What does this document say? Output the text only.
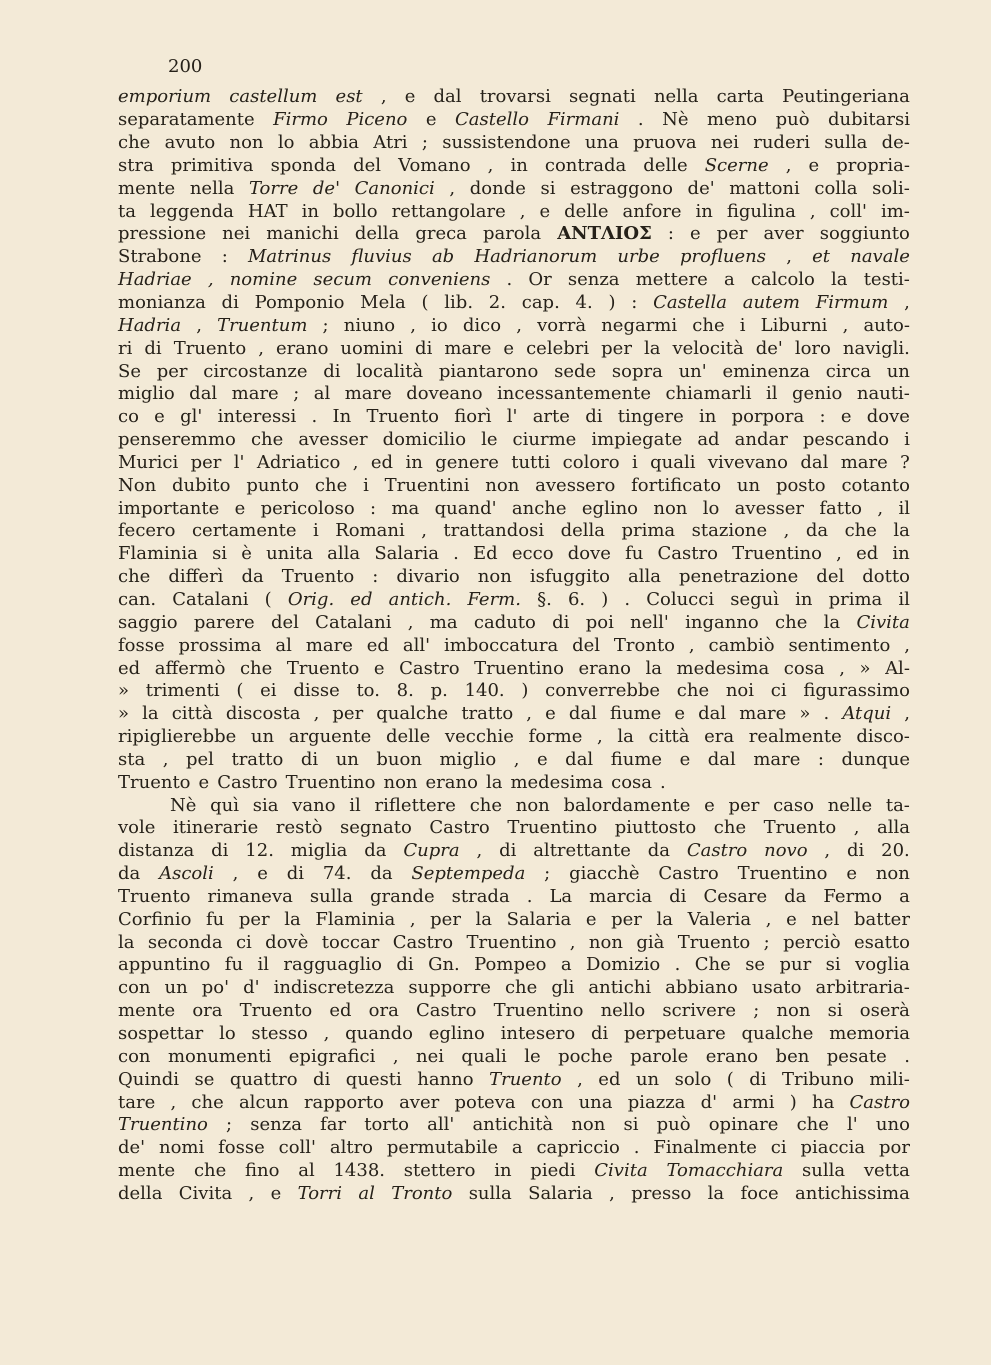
200
emporium castellum est , e dal trovarsi segnati nella carta Peutingeriana
separatamente Firmo Piceno e Castello Firmani . Nè meno può dubitarsi
che avuto non lo abbia Atri ; sussistendone una pruova nei ruderi sulla de-
stra primitiva sponda del Vomano , in contrada delle Scerne , e propria-
mente nella Torre de' Canonici , donde si estraggono de' mattoni colla soli-
ta leggenda HAT in bollo rettangolare , e delle anfore in figulina , coll' im-
pressione nei manichi della greca parola ΑΝΤΛΙΟΣ : e per aver soggiunto
Strabone : Matrinus fluvius ab Hadrianorum urbe profluens , et navale
Hadriae , nomine secum conveniens . Or senza mettere a calcolo la testi-
monianza di Pomponio Mela ( lib. 2. cap. 4. ) : Castella autem Firmum ,
Hadria , Truentum ; niuno , io dico , vorrà negarmi che i Liburni , auto-
ri di Truento , erano uomini di mare e celebri per la velocità de' loro navigli.
Se per circostanze di località piantarono sede sopra un' eminenza circa un
miglio dal mare ; al mare doveano incessantemente chiamarli il genio nauti-
co e gl' interessi . In Truento fiorì l' arte di tingere in porpora : e dove
penseremmo che avesser domicilio le ciurme impiegate ad andar pescando i
Murici per l' Adriatico , ed in genere tutti coloro i quali vivevano dal mare ?
Non dubito punto che i Truentini non avessero fortificato un posto cotanto
importante e pericoloso : ma quand' anche eglino non lo avesser fatto , il
fecero certamente i Romani , trattandosi della prima stazione , da che la
Flaminia si è unita alla Salaria . Ed ecco dove fu Castro Truentino , ed in
che differì da Truento : divario non isfuggito alla penetrazione del dotto
can. Catalani ( Orig. ed antich. Ferm. §. 6. ) . Colucci seguì in prima il
saggio parere del Catalani , ma caduto di poi nell' inganno che la Civita
fosse prossima al mare ed all' imboccatura del Tronto , cambiò sentimento ,
ed affermò che Truento e Castro Truentino erano la medesima cosa , » Al-
» trimenti ( ei disse to. 8. p. 140. ) converrebbe che noi ci figurassimo
» la città discosta , per qualche tratto , e dal fiume e dal mare » . Atqui ,
ripiglierebbe un arguente delle vecchie forme , la città era realmente disco-
sta , pel tratto di un buon miglio , e dal fiume e dal mare : dunque
Truento e Castro Truentino non erano la medesima cosa .
Nè quì sia vano il riflettere che non balordamente e per caso nelle ta-
vole itinerarie restò segnato Castro Truentino piuttosto che Truento , alla
distanza di 12. miglia da Cupra , di altrettante da Castro novo , di 20.
da Ascoli , e di 74. da Septempeda ; giacchè Castro Truentino e non
Truento rimaneva sulla grande strada . La marcia di Cesare da Fermo a
Corfinio fu per la Flaminia , per la Salaria e per la Valeria , e nel batter
la seconda ci dovè toccar Castro Truentino , non già Truento ; perciò esatto
appuntino fu il ragguaglio di Gn. Pompeo a Domizio . Che se pur si voglia
con un po' d' indiscretezza supporre che gli antichi abbiano usato arbitraria-
mente ora Truento ed ora Castro Truentino nello scrivere ; non si oserà
sospettar lo stesso , quando eglino intesero di perpetuare qualche memoria
con monumenti epigrafici , nei quali le poche parole erano ben pesate .
Quindi se quattro di questi hanno Truento , ed un solo ( di Tribuno mili-
tare , che alcun rapporto aver poteva con una piazza d' armi ) ha Castro
Truentino ; senza far torto all' antichità non si può opinare che l' uno
de' nomi fosse coll' altro permutabile a capriccio . Finalmente ci piaccia por
mente che fino al 1438. stettero in piedi Civita Tomacchiara sulla vetta
della Civita , e Torri al Tronto sulla Salaria , presso la foce antichissima
